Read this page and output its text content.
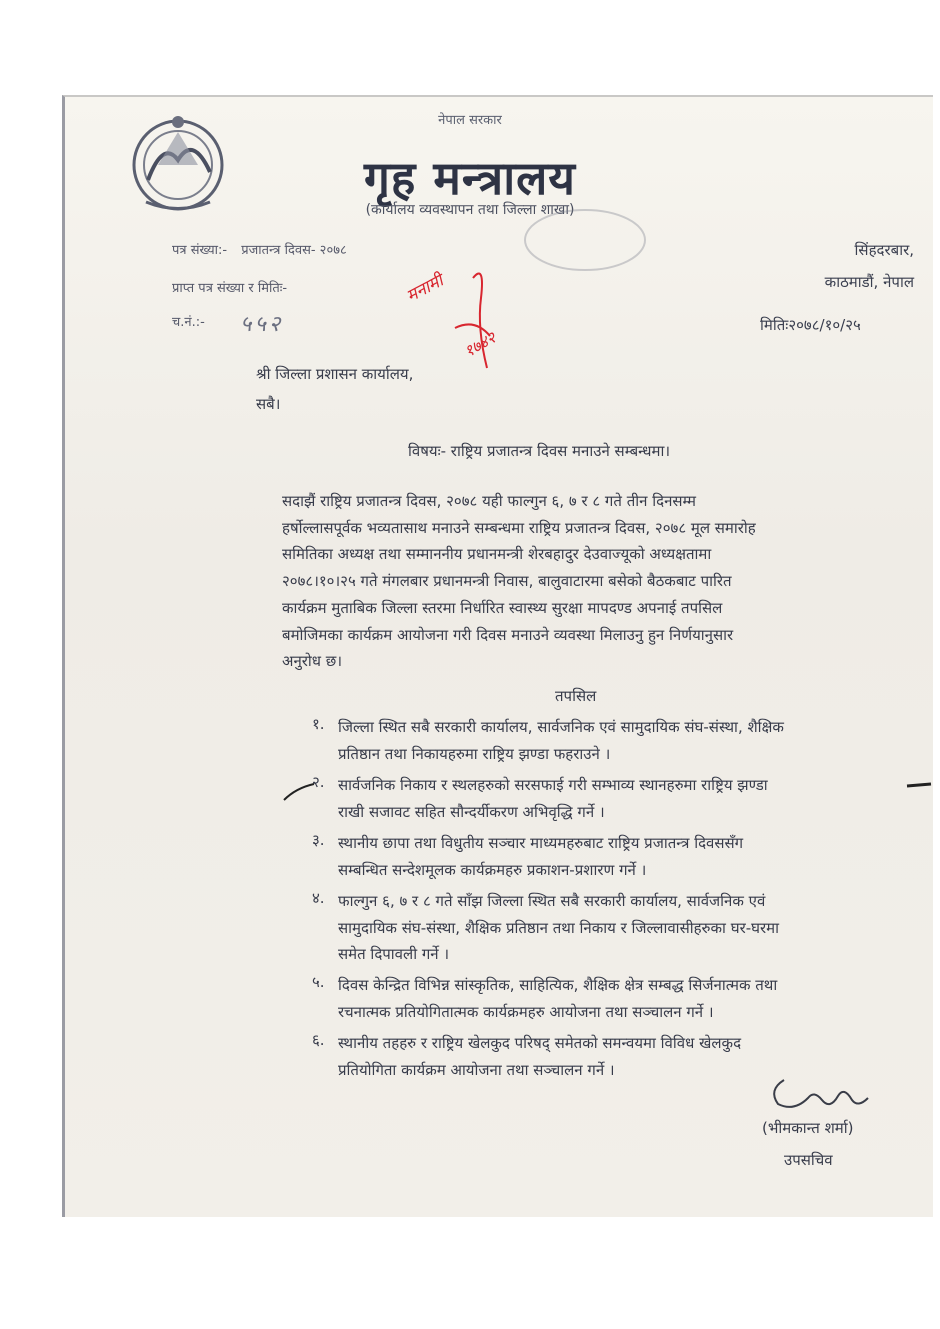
नेपाल सरकार
गृह मन्त्रालय
(कार्यालय व्यवस्थापन तथा जिल्ला शाखा)
पत्र संख्या:- प्रजातन्त्र दिवस- २०७८
प्राप्त पत्र संख्या र मितिः-
च.नं.:- ५५२
सिंहदरबार,
काठमाडौं, नेपाल
मितिः२०७८/१०/२५
मनामी
१७४२
श्री जिल्ला प्रशासन कार्यालय,
सबै।
विषयः- राष्ट्रिय प्रजातन्त्र दिवस मनाउने सम्बन्धमा।
सदाझैं राष्ट्रिय प्रजातन्त्र दिवस, २०७८ यही फाल्गुन ६, ७ र ८ गते तीन दिनसम्म
हर्षोल्लासपूर्वक भव्यतासाथ मनाउने सम्बन्धमा राष्ट्रिय प्रजातन्त्र दिवस, २०७८ मूल समारोह
समितिका अध्यक्ष तथा सम्माननीय प्रधानमन्त्री शेरबहादुर देउवाज्यूको अध्यक्षतामा
२०७८।१०।२५ गते मंगलबार प्रधानमन्त्री निवास, बालुवाटारमा बसेको बैठकबाट पारित
कार्यक्रम मुताबिक जिल्ला स्तरमा निर्धारित स्वास्थ्य सुरक्षा मापदण्ड अपनाई तपसिल
बमोजिमका कार्यक्रम आयोजना गरी दिवस मनाउने व्यवस्था मिलाउनु हुन निर्णयानुसार
अनुरोध छ।
तपसिल
१. जिल्ला स्थित सबै सरकारी कार्यालय, सार्वजनिक एवं सामुदायिक संघ-संस्था, शैक्षिक
प्रतिष्ठान तथा निकायहरुमा राष्ट्रिय झण्डा फहराउने ।
२. सार्वजनिक निकाय र स्थलहरुको सरसफाई गरी सम्भाव्य स्थानहरुमा राष्ट्रिय झण्डा
राखी सजावट सहित सौन्दर्यीकरण अभिवृद्धि गर्ने ।
३. स्थानीय छापा तथा विधुतीय सञ्चार माध्यमहरुबाट राष्ट्रिय प्रजातन्त्र दिवससँग
सम्बन्धित सन्देशमूलक कार्यक्रमहरु प्रकाशन-प्रशारण गर्ने ।
४. फाल्गुन ६, ७ र ८ गते साँझ जिल्ला स्थित सबै सरकारी कार्यालय, सार्वजनिक एवं
सामुदायिक संघ-संस्था, शैक्षिक प्रतिष्ठान तथा निकाय र जिल्लावासीहरुका घर-घरमा
समेत दिपावली गर्ने ।
५. दिवस केन्द्रित विभिन्न सांस्कृतिक, साहित्यिक, शैक्षिक क्षेत्र सम्बद्ध सिर्जनात्मक तथा
रचनात्मक प्रतियोगितात्मक कार्यक्रमहरु आयोजना तथा सञ्चालन गर्ने ।
६. स्थानीय तहहरु र राष्ट्रिय खेलकुद परिषद् समेतको समन्वयमा विविध खेलकुद
प्रतियोगिता कार्यक्रम आयोजना तथा सञ्चालन गर्ने ।
(भीमकान्त शर्मा)
उपसचिव
